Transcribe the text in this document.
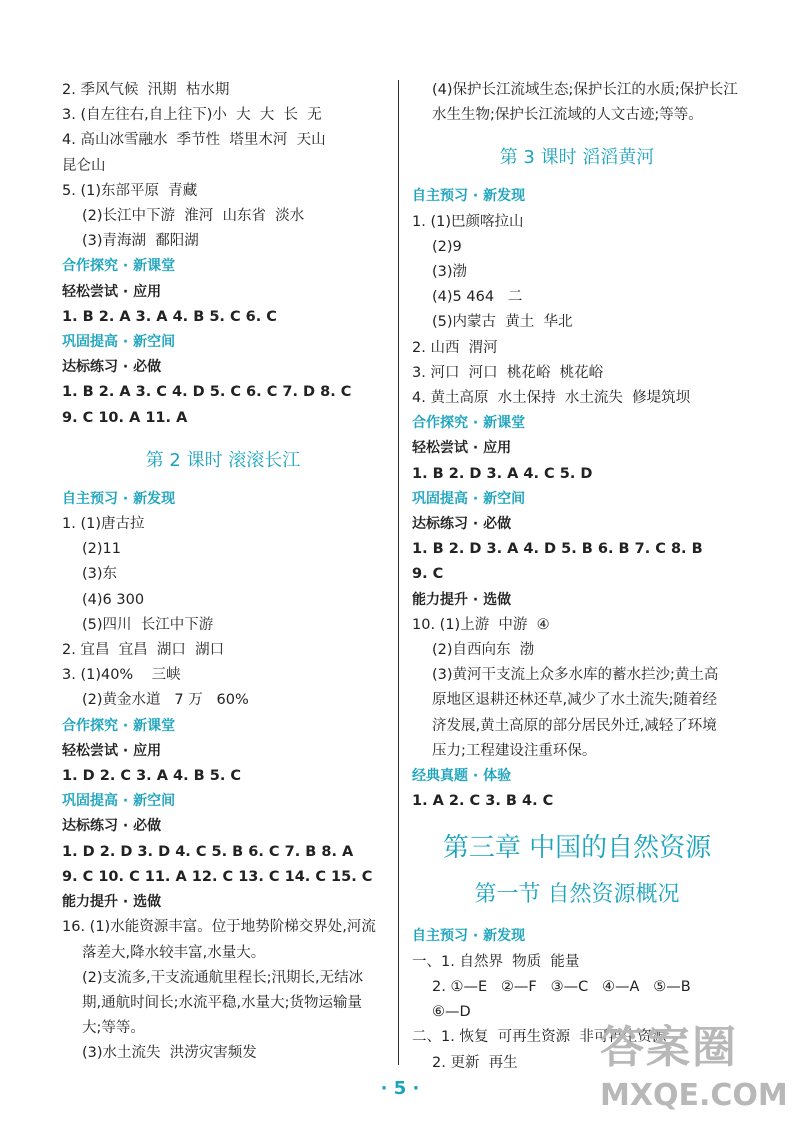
2. 季风气候  汛期  枯水期
3. (自左往右,自上往下)小  大  大  长  无
4. 高山冰雪融水  季节性  塔里木河  天山
昆仑山
5. (1)东部平原  青藏
(2)长江中下游  淮河  山东省  淡水
(3)青海湖  鄱阳湖
合作探究 · 新课堂
轻松尝试 · 应用
1. B 2. A 3. A 4. B 5. C 6. C
巩固提高 · 新空间
达标练习 · 必做
1. B 2. A 3. C 4. D 5. C 6. C 7. D 8. C
9. C 10. A 11. A
第 2 课时 滚滚长江
自主预习 · 新发现
1. (1)唐古拉
(2)11
(3)东
(4)6 300
(5)四川  长江中下游
2. 宜昌  宜昌  湖口  湖口
3. (1)40%    三峡
(2)黄金水道   7 万   60%
合作探究 · 新课堂
轻松尝试 · 应用
1. D 2. C 3. A 4. B 5. C
巩固提高 · 新空间
达标练习 · 必做
1. D 2. D 3. D 4. C 5. B 6. C 7. B 8. A
9. C 10. C 11. A 12. C 13. C 14. C 15. C
能力提升 · 选做
16. (1)水能资源丰富。位于地势阶梯交界处,河流
落差大,降水较丰富,水量大。
(2)支流多,干支流通航里程长;汛期长,无结冰
期,通航时间长;水流平稳,水量大;货物运输量
大;等等。
(3)水土流失  洪涝灾害频发
(4)保护长江流域生态;保护长江的水质;保护长江
水生生物;保护长江流域的人文古迹;等等。
第 3 课时 滔滔黄河
自主预习 · 新发现
1. (1)巴颜喀拉山
(2)9
(3)渤
(4)5 464   二
(5)内蒙古  黄土  华北
2. 山西  渭河
3. 河口  河口  桃花峪  桃花峪
4. 黄土高原  水土保持  水土流失  修堤筑坝
合作探究 · 新课堂
轻松尝试 · 应用
1. B 2. D 3. A 4. C 5. D
巩固提高 · 新空间
达标练习 · 必做
1. B 2. D 3. A 4. D 5. B 6. B 7. C 8. B
9. C
能力提升 · 选做
10. (1)上游  中游  ④
(2)自西向东  渤
(3)黄河干支流上众多水库的蓄水拦沙;黄土高
原地区退耕还林还草,减少了水土流失;随着经
济发展,黄土高原的部分居民外迁,减轻了环境
压力;工程建设注重环保。
经典真题 · 体验
1. A 2. C 3. B 4. C
第三章 中国的自然资源
第一节 自然资源概况
自主预习 · 新发现
一、1. 自然界  物质  能量
2. ①—E   ②—F   ③—C   ④—A   ⑤—B
⑥—D
二、1. 恢复  可再生资源  非可再生资源
2. 更新  再生
· 5 ·
答案圈
MXQE.COM
